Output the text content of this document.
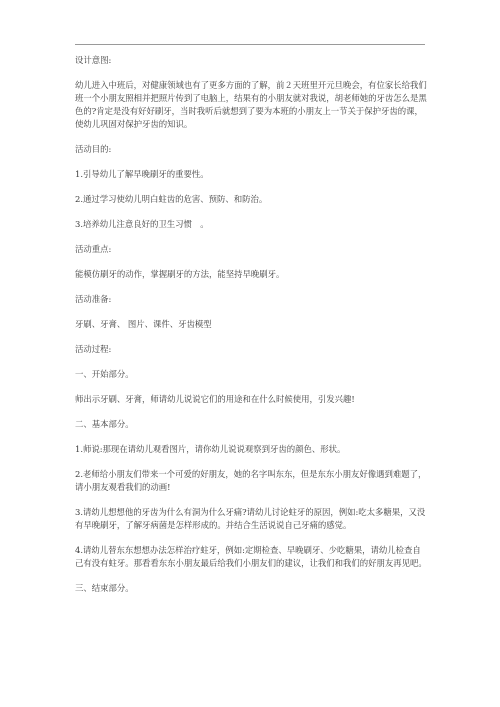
设计意图:

幼儿进入中班后，对健康领域也有了更多方面的了解，前２天班里开元旦晚会，有位家长给我们班一个小朋友照相并把照片传到了电脑上，结果有的小朋友就对我说，胡老师她的牙齿怎么是黑色的?肯定是没有好好刷牙，当时我听后就想到了要为本班的小朋友上一节关于保护牙齿的课，使幼儿巩固对保护牙齿的知识。

活动目的:

1.引导幼儿了解早晚刷牙的重要性。

2.通过学习使幼儿明白蛀齿的危害、预防、和防治。

3.培养幼儿注意良好的卫生习惯　。

活动重点:

能模仿刷牙的动作，掌握刷牙的方法，能坚持早晚刷牙。

活动准备:

牙刷、牙膏、 图片、课件、牙齿模型

活动过程:

一、开始部分。

师出示牙刷、牙膏，师请幼儿说说它们的用途和在什么时候使用，引发兴趣!

二、基本部分。

1.师说:那现在请幼儿观看图片，请你幼儿说说观察到牙齿的颜色、形状。

2.老师给小朋友们带来一个可爱的好朋友，她的名字叫东东，但是东东小朋友好像遇到难题了，请小朋友观看我们的动画!

3.请幼儿想想他的牙齿为什么有洞为什么牙痛?请幼儿讨论蛀牙的原因，例如:吃太多糖果，又没有早晚刷牙，了解牙病菌是怎样形成的。并结合生活说说自己牙痛的感觉。

4.请幼儿替东东想想办法怎样治疗蛀牙，例如:定期检查、早晚刷牙、少吃糖果，请幼儿检查自己有没有蛀牙。那看看东东小朋友最后给我们小朋友们的建议，让我们和我们的好朋友再见吧。

三、结束部分。
